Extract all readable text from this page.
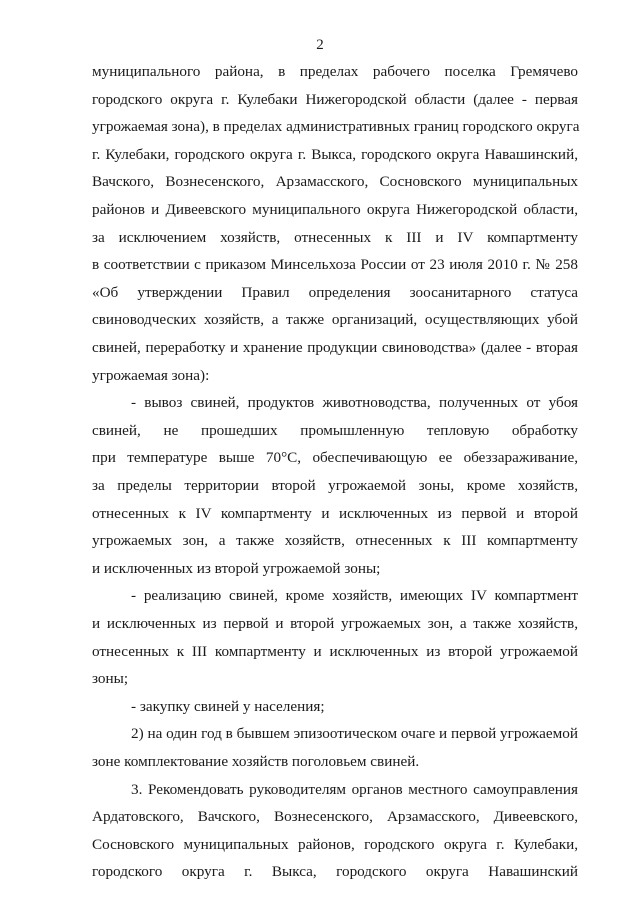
2
муниципального района, в пределах рабочего поселка Гремячево
городского округа г. Кулебаки Нижегородской области (далее - первая
угрожаемая зона), в пределах административных границ городского округа
г. Кулебаки, городского округа г. Выкса, городского округа Навашинский,
Вачского, Вознесенского, Арзамасского, Сосновского муниципальных
районов и Дивеевского муниципального округа Нижегородской области,
за исключением хозяйств, отнесенных к III и IV компартменту
в соответствии с приказом Минсельхоза России от 23 июля 2010 г. № 258
«Об утверждении Правил определения зоосанитарного статуса
свиноводческих хозяйств, а также организаций, осуществляющих убой
свиней, переработку и хранение продукции свиноводства» (далее - вторая
угрожаемая зона):
- вывоз свиней, продуктов животноводства, полученных от убоя
свиней, не прошедших промышленную тепловую обработку
при температуре выше 70°С, обеспечивающую ее обеззараживание,
за пределы территории второй угрожаемой зоны, кроме хозяйств,
отнесенных к IV компартменту и исключенных из первой и второй
угрожаемых зон, а также хозяйств, отнесенных к III компартменту
и исключенных из второй угрожаемой зоны;
- реализацию свиней, кроме хозяйств, имеющих IV компартмент
и исключенных из первой и второй угрожаемых зон, а также хозяйств,
отнесенных к III компартменту и исключенных из второй угрожаемой
зоны;
- закупку свиней у населения;
2) на один год в бывшем эпизоотическом очаге и первой угрожаемой
зоне комплектование хозяйств поголовьем свиней.
3. Рекомендовать руководителям органов местного самоуправления
Ардатовского, Вачского, Вознесенского, Арзамасского, Дивеевского,
Сосновского муниципальных районов, городского округа г. Кулебаки,
городского округа г. Выкса, городского округа Навашинский
